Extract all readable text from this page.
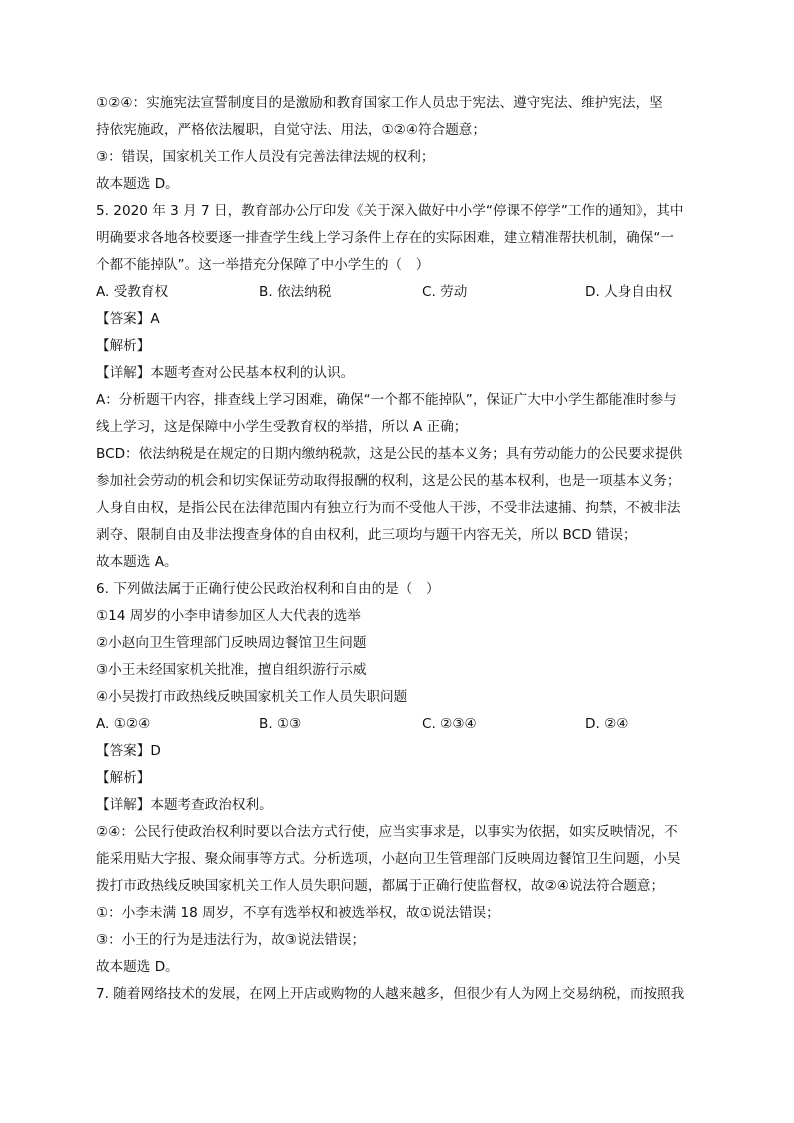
①②④：实施宪法宣誓制度目的是激励和教育国家工作人员忠于宪法、遵守宪法、维护宪法，坚
持依宪施政，严格依法履职，自觉守法、用法，①②④符合题意；
③：错误，国家机关工作人员没有完善法律法规的权利；
故本题选 D。
5. 2020 年 3 月 7 日，教育部办公厅印发《关于深入做好中小学“停课不停学”工作的通知》，其中
明确要求各地各校要逐一排查学生线上学习条件上存在的实际困难，建立精准帮扶机制，确保“一
个都不能掉队”。这一举措充分保障了中小学生的（　）
A. 受教育权	B. 依法纳税	C. 劳动	D. 人身自由权
【答案】A
【解析】
【详解】本题考查对公民基本权利的认识。
A：分析题干内容，排查线上学习困难，确保“一个都不能掉队”，保证广大中小学生都能准时参与
线上学习，这是保障中小学生受教育权的举措，所以 A 正确；
BCD：依法纳税是在规定的日期内缴纳税款，这是公民的基本义务；具有劳动能力的公民要求提供
参加社会劳动的机会和切实保证劳动取得报酬的权利，这是公民的基本权利，也是一项基本义务；
人身自由权，是指公民在法律范围内有独立行为而不受他人干涉，不受非法逮捕、拘禁，不被非法
剥夺、限制自由及非法搜查身体的自由权利，此三项均与题干内容无关，所以 BCD 错误；
故本题选 A。
6. 下列做法属于正确行使公民政治权利和自由的是（　）
①14 周岁的小李申请参加区人大代表的选举
②小赵向卫生管理部门反映周边餐馆卫生问题
③小王未经国家机关批准，擅自组织游行示威
④小吴拨打市政热线反映国家机关工作人员失职问题
A. ①②④	B. ①③	C. ②③④	D. ②④
【答案】D
【解析】
【详解】本题考查政治权利。
②④：公民行使政治权利时要以合法方式行使，应当实事求是，以事实为依据，如实反映情况，不
能采用贴大字报、聚众闹事等方式。分析选项，小赵向卫生管理部门反映周边餐馆卫生问题，小吴
拨打市政热线反映国家机关工作人员失职问题，都属于正确行使监督权，故②④说法符合题意；
①：小李未满 18 周岁，不享有选举权和被选举权，故①说法错误；
③：小王的行为是违法行为，故③说法错误；
故本题选 D。
7. 随着网络技术的发展，在网上开店或购物的人越来越多，但很少有人为网上交易纳税，而按照我
